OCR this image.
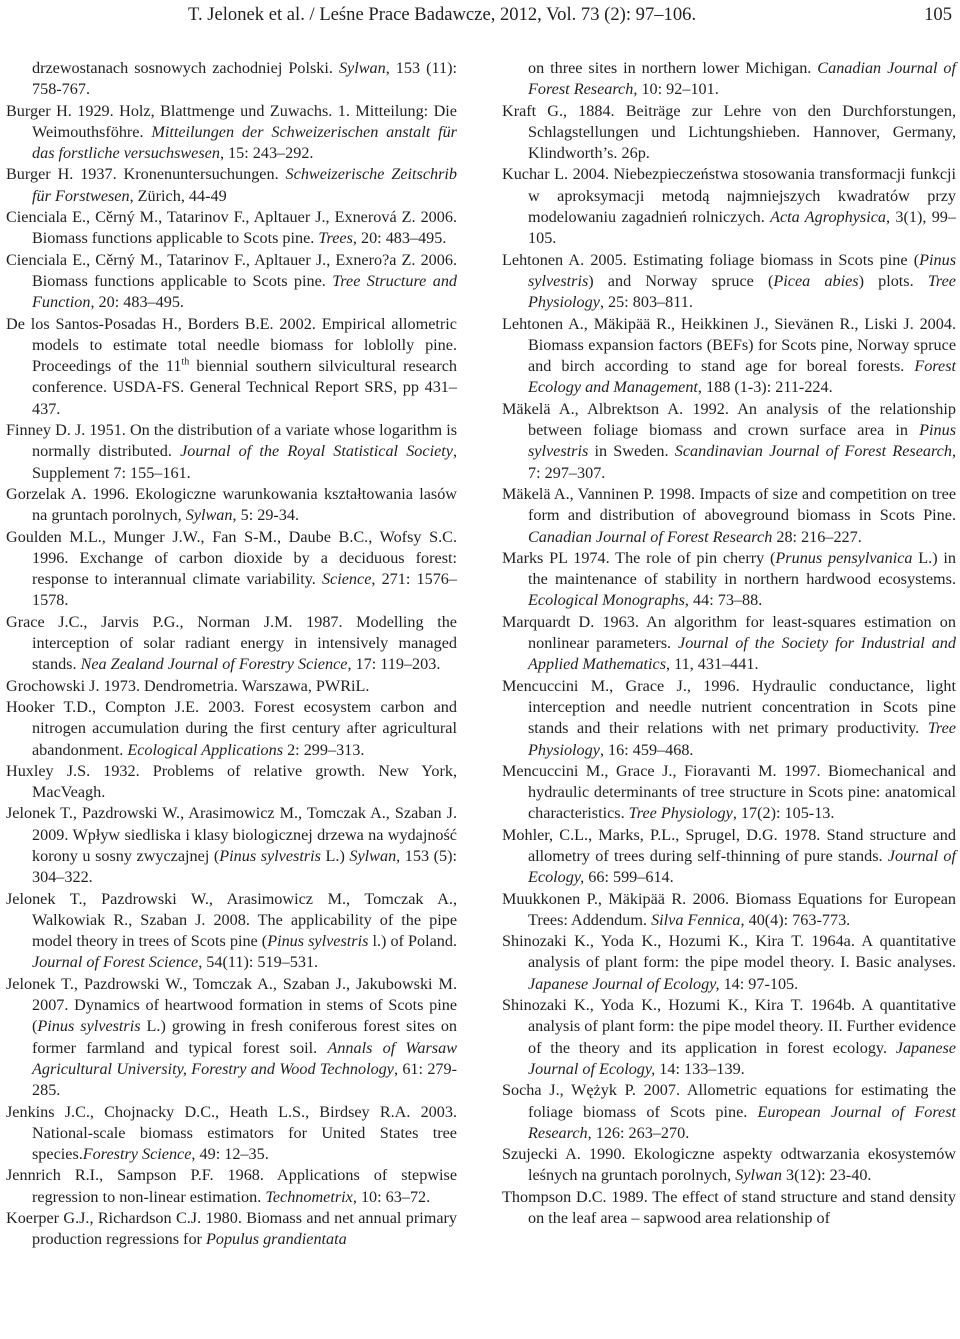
T. Jelonek et al. / Leśne Prace Badawcze, 2012, Vol. 73 (2): 97–106.	105

drzewostanach sosnowych zachodniej Polski. Sylwan, 153 (11): 758-767.

Burger H. 1929. Holz, Blattmenge und Zuwachs. 1. Mitteilung: Die Weimouthsföhre. Mitteilungen der Schweizerischen anstalt für das forstliche versuchswesen, 15: 243–292.

Burger H. 1937. Kronenuntersuchungen. Schweizerische Zeitschrib für Forstwesen, Zürich, 44-49

Cienciala E., Cěrný M., Tatarinov F., Apltauer J., Exnerová Z. 2006. Biomass functions applicable to Scots pine. Trees, 20: 483–495.

Cienciala E., Cěrný M., Tatarinov F., Apltauer J., Exnero?a Z. 2006. Biomass functions applicable to Scots pine. Tree Structure and Function, 20: 483–495.

De los Santos-Posadas H., Borders B.E. 2002. Empirical allometric models to estimate total needle biomass for loblolly pine. Proceedings of the 11th biennial southern silvicultural research conference. USDA-FS. General Technical Report SRS, pp 431– 437.

Finney D. J. 1951. On the distribution of a variate whose logarithm is normally distributed. Journal of the Royal Statistical Society, Supplement 7: 155–161.

Gorzelak A. 1996. Ekologiczne warunkowania kształtowania lasów na gruntach porolnych, Sylwan, 5: 29-34.

Goulden M.L., Munger J.W., Fan S-M., Daube B.C., Wofsy S.C. 1996. Exchange of carbon dioxide by a deciduous forest: response to interannual climate variability. Science, 271: 1576–1578.

Grace J.C., Jarvis P.G., Norman J.M. 1987. Modelling the interception of solar radiant energy in intensively managed stands. Nea Zealand Journal of Forestry Science, 17: 119–203.

Grochowski J. 1973. Dendrometria. Warszawa, PWRiL.

Hooker T.D., Compton J.E. 2003. Forest ecosystem carbon and nitrogen accumulation during the first century after agricultural abandonment. Ecological Applications 2: 299–313.

Huxley J.S. 1932. Problems of relative growth. New York, MacVeagh.

Jelonek T., Pazdrowski W., Arasimowicz M., Tomczak A., Szaban J. 2009. Wpływ siedliska i klasy biologicznej drzewa na wydajność korony u sosny zwyczajnej (Pinus sylvestris L.) Sylwan, 153 (5): 304–322.

Jelonek T., Pazdrowski W., Arasimowicz M., Tomczak A., Walkowiak R., Szaban J. 2008. The applicability of the pipe model theory in trees of Scots pine (Pinus sylvestris l.) of Poland. Journal of Forest Science, 54(11): 519–531.

Jelonek T., Pazdrowski W., Tomczak A., Szaban J., Jakubowski M. 2007. Dynamics of heartwood formation in stems of Scots pine (Pinus sylvestris L.) growing in fresh coniferous forest sites on former farmland and typical forest soil. Annals of Warsaw Agricultural University, Forestry and Wood Technology, 61: 279-285.

Jenkins J.C., Chojnacky D.C., Heath L.S., Birdsey R.A. 2003. National-scale biomass estimators for United States tree species.Forestry Science, 49: 12–35.

Jennrich R.I., Sampson P.F. 1968. Applications of stepwise regression to non-linear estimation. Technometrix, 10: 63–72.

Koerper G.J., Richardson C.J. 1980. Biomass and net annual primary production regressions for Populus grandientata

on three sites in northern lower Michigan. Canadian Journal of Forest Research, 10: 92–101.

Kraft G., 1884. Beiträge zur Lehre von den Durchforstungen, Schlagstellungen und Lichtungshieben. Hannover, Germany, Klindworth’s. 26p.

Kuchar L. 2004. Niebezpieczeństwa stosowania transformacji funkcji w aproksymacji metodą najmniejszych kwadratów przy modelowaniu zagadnień rolniczych. Acta Agrophysica, 3(1), 99–105.

Lehtonen A. 2005. Estimating foliage biomass in Scots pine (Pinus sylvestris) and Norway spruce (Picea abies) plots. Tree Physiology, 25: 803–811.

Lehtonen A., Mäkipää R., Heikkinen J., Sievänen R., Liski J. 2004. Biomass expansion factors (BEFs) for Scots pine, Norway spruce and birch according to stand age for boreal forests. Forest Ecology and Management, 188 (1-3): 211-224.

Mäkelä A., Albrektson A. 1992. An analysis of the relationship between foliage biomass and crown surface area in Pinus sylvestris in Sweden. Scandinavian Journal of Forest Research, 7: 297–307.

Mäkelä A., Vanninen P. 1998. Impacts of size and competition on tree form and distribution of aboveground biomass in Scots Pine. Canadian Journal of Forest Research 28: 216–227.

Marks PL 1974. The role of pin cherry (Prunus pensylvanica L.) in the maintenance of stability in northern hardwood ecosystems. Ecological Monographs, 44: 73–88.

Marquardt D. 1963. An algorithm for least-squares estimation on nonlinear parameters. Journal of the Society for Industrial and Applied Mathematics, 11, 431–441.

Mencuccini M., Grace J., 1996. Hydraulic conductance, light interception and needle nutrient concentration in Scots pine stands and their relations with net primary productivity. Tree Physiology, 16: 459–468.

Mencuccini M., Grace J., Fioravanti M. 1997. Biomechanical and hydraulic determinants of tree structure in Scots pine: anatomical characteristics. Tree Physiology, 17(2): 105-13.

Mohler, C.L., Marks, P.L., Sprugel, D.G. 1978. Stand structure and allometry of trees during self-thinning of pure stands. Journal of Ecology, 66: 599–614.

Muukkonen P., Mäkipää R. 2006. Biomass Equations for European Trees: Addendum. Silva Fennica, 40(4): 763-773.

Shinozaki K., Yoda K., Hozumi K., Kira T. 1964a. A quantitative analysis of plant form: the pipe model theory. I. Basic analyses. Japanese Journal of Ecology, 14: 97-105.

Shinozaki K., Yoda K., Hozumi K., Kira T. 1964b. A quantitative analysis of plant form: the pipe model theory. II. Further evidence of the theory and its application in forest ecology. Japanese Journal of Ecology, 14: 133–139.

Socha J., Wężyk P. 2007. Allometric equations for estimating the foliage biomass of Scots pine. European Journal of Forest Research, 126: 263–270.

Szujecki A. 1990. Ekologiczne aspekty odtwarzania ekosystemów leśnych na gruntach porolnych, Sylwan 3(12): 23-40.

Thompson D.C. 1989. The effect of stand structure and stand density on the leaf area – sapwood area relationship of
